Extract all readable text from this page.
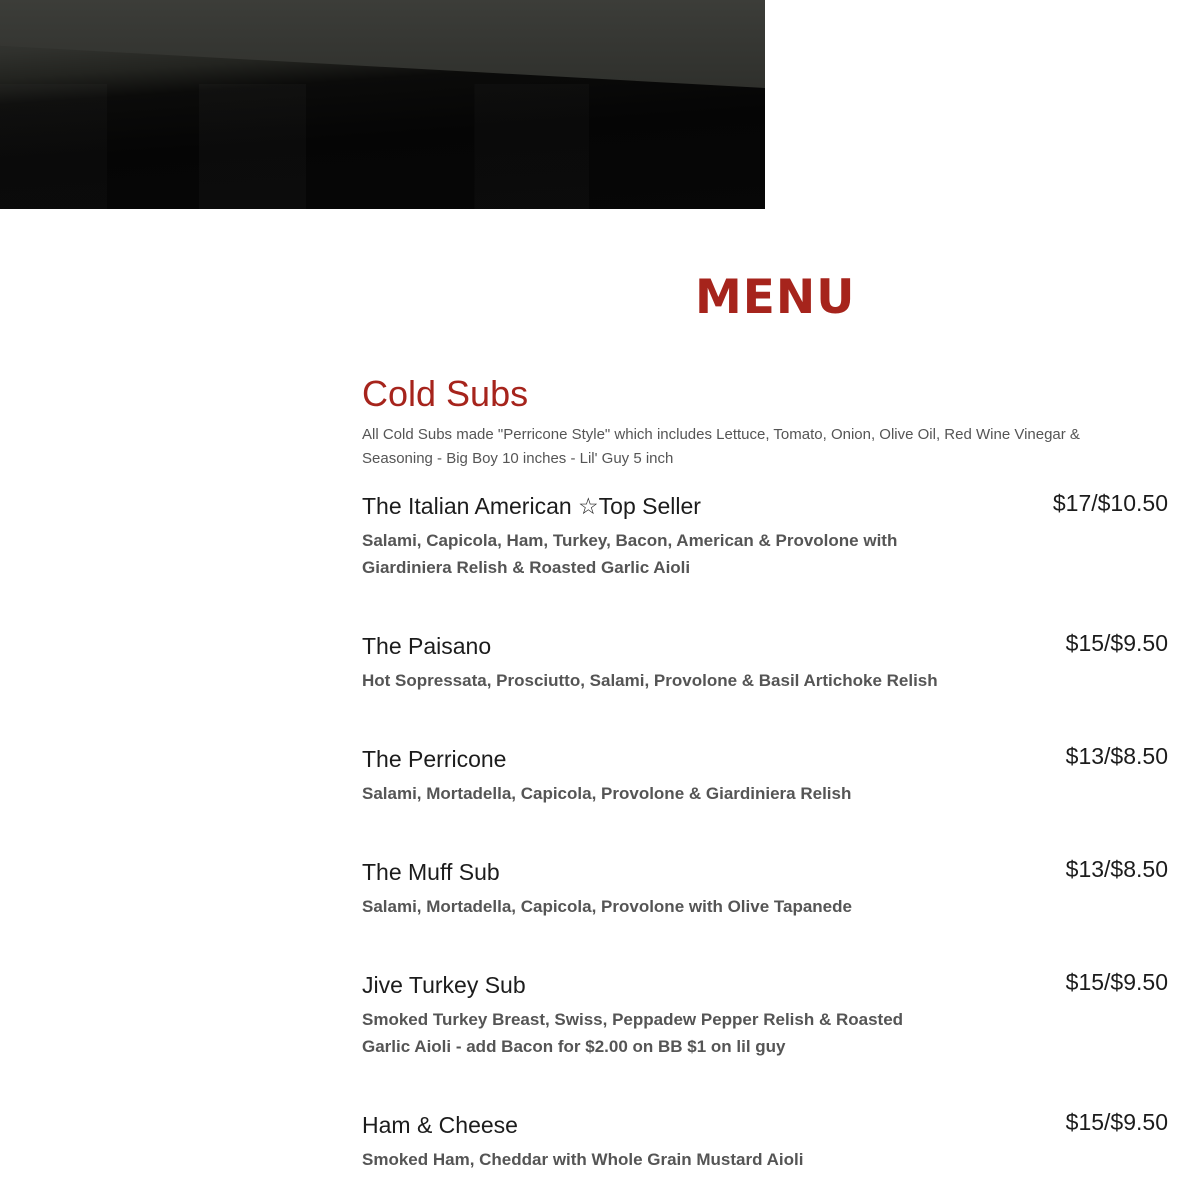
MENU
Cold Subs

All Cold Subs made "Perricone Style" which includes Lettuce, Tomato, Onion, Olive Oil, Red Wine Vinegar & Seasoning - Big Boy 10 inches - Lil' Guy 5 inch

The Italian American ☆Top Seller	$17/$10.50
Salami, Capicola, Ham, Turkey, Bacon, American & Provolone with Giardiniera Relish & Roasted Garlic Aioli
The Paisano	$15/$9.50
Hot Sopressata, Prosciutto, Salami, Provolone & Basil Artichoke Relish
The Perricone	$13/$8.50
Salami, Mortadella, Capicola, Provolone & Giardiniera Relish
The Muff Sub	$13/$8.50
Salami, Mortadella, Capicola, Provolone with Olive Tapanede
Jive Turkey Sub	$15/$9.50
Smoked Turkey Breast, Swiss, Peppadew Pepper Relish & Roasted Garlic Aioli - add Bacon for $2.00 on BB $1 on lil guy
Ham & Cheese	$15/$9.50
Smoked Ham, Cheddar with Whole Grain Mustard Aioli
